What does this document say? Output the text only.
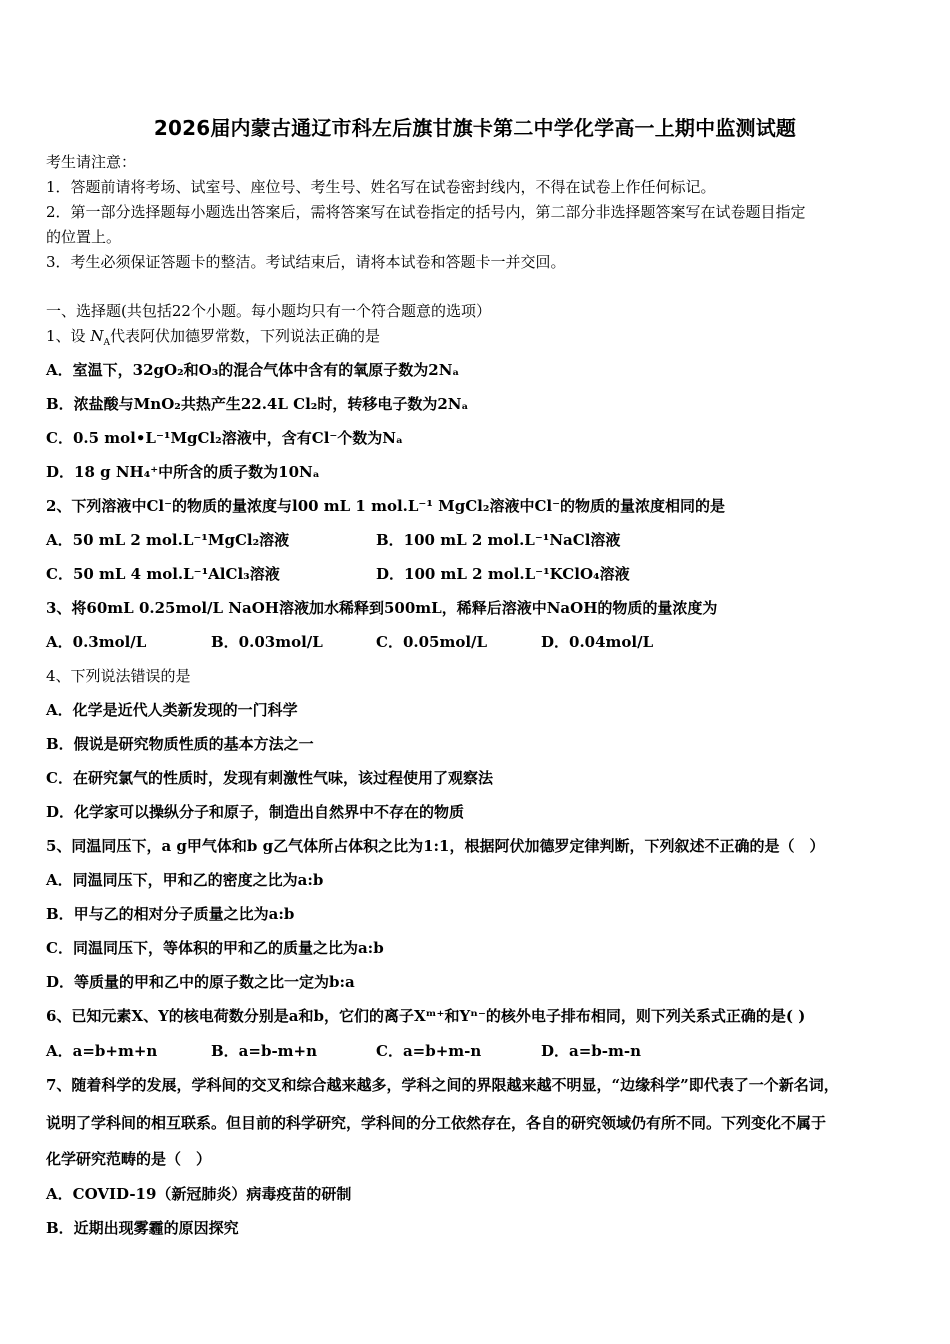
2026届内蒙古通辽市科左后旗甘旗卡第二中学化学高一上期中监测试题
考生请注意：
1．答题前请将考场、试室号、座位号、考生号、姓名写在试卷密封线内，不得在试卷上作任何标记。
2．第一部分选择题每小题选出答案后，需将答案写在试卷指定的括号内，第二部分非选择题答案写在试卷题目指定
的位置上。
3．考生必须保证答题卡的整洁。考试结束后，请将本试卷和答题卡一并交回。
一、选择题(共包括22个小题。每小题均只有一个符合题意的选项）
1、设 $N_A$代表阿伏加德罗常数，下列说法正确的是
A．室温下，32gO₂和O₃的混合气体中含有的氧原子数为2Nₐ
B．浓盐酸与MnO₂共热产生22.4L Cl₂时，转移电子数为2Nₐ
C．0.5 mol•L⁻¹MgCl₂溶液中，含有Cl⁻个数为Nₐ
D．18 g NH₄⁺中所含的质子数为10Nₐ
2、下列溶液中Cl⁻的物质的量浓度与l00 mL 1 mol.L⁻¹ MgCl₂溶液中Cl⁻的物质的量浓度相同的是
A．50 mL 2 mol.L⁻¹MgCl₂溶液	B．100 mL 2 mol.L⁻¹NaCl溶液
C．50 mL 4 mol.L⁻¹AlCl₃溶液	D．100 mL 2 mol.L⁻¹KClO₄溶液
3、将60mL 0.25mol/L NaOH溶液加水稀释到500mL，稀释后溶液中NaOH的物质的量浓度为
A．0.3mol/L	B．0.03mol/L	C．0.05mol/L	D．0.04mol/L
4、下列说法错误的是
A．化学是近代人类新发现的一门科学
B．假说是研究物质性质的基本方法之一
C．在研究氯气的性质时，发现有刺激性气味，该过程使用了观察法
D．化学家可以操纵分子和原子，制造出自然界中不存在的物质
5、同温同压下，a g甲气体和b g乙气体所占体积之比为1:1，根据阿伏加德罗定律判断，下列叙述不正确的是（　）
A．同温同压下，甲和乙的密度之比为a:b
B．甲与乙的相对分子质量之比为a:b
C．同温同压下，等体积的甲和乙的质量之比为a:b
D．等质量的甲和乙中的原子数之比一定为b:a
6、已知元素X、Y的核电荷数分别是a和b，它们的离子Xᵐ⁺和Yⁿ⁻的核外电子排布相同，则下列关系式正确的是( )
A．a=b+m+n	B．a=b-m+n	C．a=b+m-n	D．a=b-m-n
7、随着科学的发展，学科间的交叉和综合越来越多，学科之间的界限越来越不明显，“边缘科学”即代表了一个新名词，
说明了学科间的相互联系。但目前的科学研究，学科间的分工依然存在，各自的研究领域仍有所不同。下列变化不属于
化学研究范畴的是（　）
A．COVID-19（新冠肺炎）病毒疫苗的研制
B．近期出现雾霾的原因探究
